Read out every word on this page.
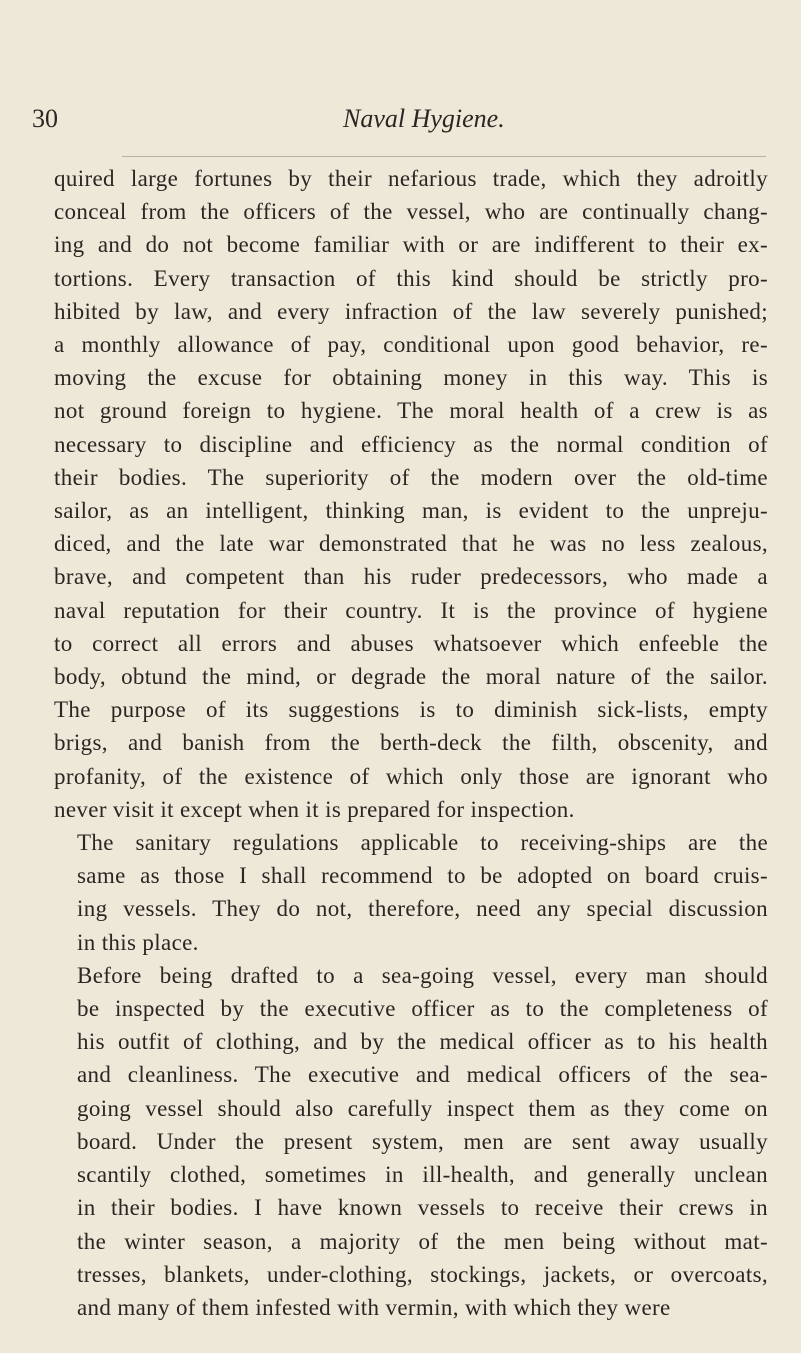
30	Naval Hygiene.

quired large fortunes by their nefarious trade, which they adroitly
conceal from the officers of the vessel, who are continually chang-
ing and do not become familiar with or are indifferent to their ex-
tortions. Every transaction of this kind should be strictly pro-
hibited by law, and every infraction of the law severely punished;
a monthly allowance of pay, conditional upon good behavior, re-
moving the excuse for obtaining money in this way. This is
not ground foreign to hygiene. The moral health of a crew is as
necessary to discipline and efficiency as the normal condition of
their bodies. The superiority of the modern over the old-time
sailor, as an intelligent, thinking man, is evident to the unpreju-
diced, and the late war demonstrated that he was no less zealous,
brave, and competent than his ruder predecessors, who made a
naval reputation for their country. It is the province of hygiene
to correct all errors and abuses whatsoever which enfeeble the
body, obtund the mind, or degrade the moral nature of the sailor.
The purpose of its suggestions is to diminish sick-lists, empty
brigs, and banish from the berth-deck the filth, obscenity, and
profanity, of the existence of which only those are ignorant who
never visit it except when it is prepared for inspection.

The sanitary regulations applicable to receiving-ships are the
same as those I shall recommend to be adopted on board cruis-
ing vessels. They do not, therefore, need any special discussion
in this place.

Before being drafted to a sea-going vessel, every man should
be inspected by the executive officer as to the completeness of
his outfit of clothing, and by the medical officer as to his health
and cleanliness. The executive and medical officers of the sea-
going vessel should also carefully inspect them as they come on
board. Under the present system, men are sent away usually
scantily clothed, sometimes in ill-health, and generally unclean
in their bodies. I have known vessels to receive their crews in
the winter season, a majority of the men being without mat-
tresses, blankets, under-clothing, stockings, jackets, or overcoats,
and many of them infested with vermin, with which they were
